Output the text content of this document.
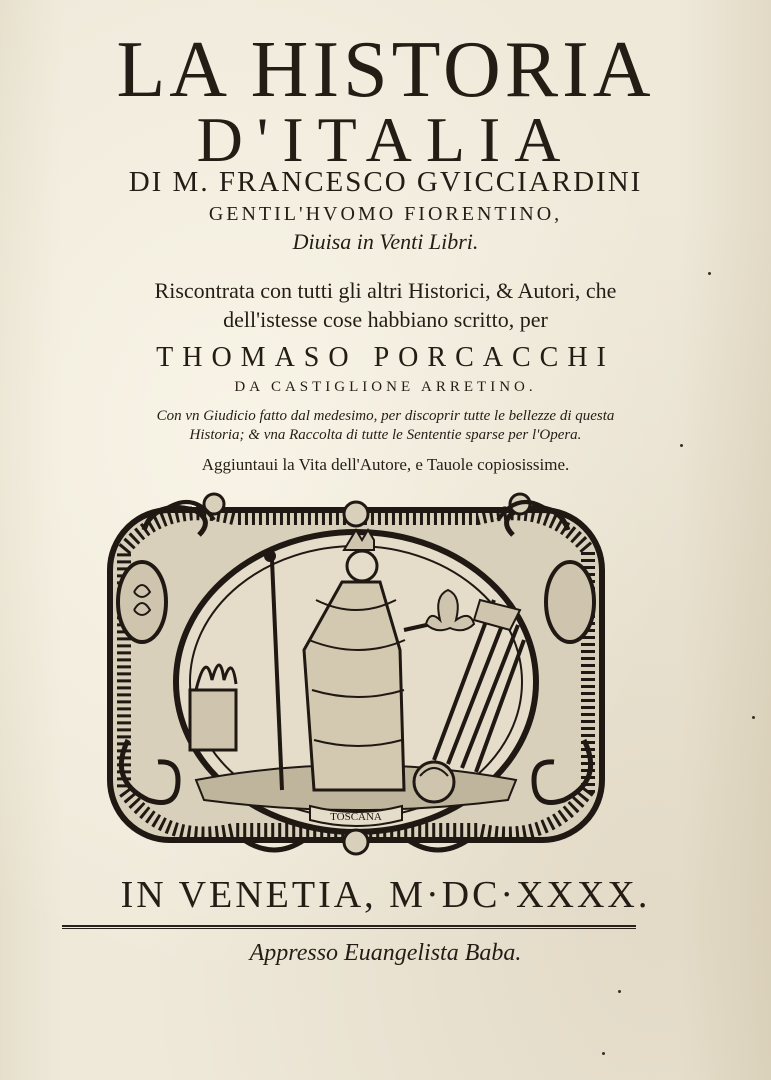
LA HISTORIA
D'ITALIA
DI M. FRANCESCO GVICCIARDINI
GENTIL'HVOMO FIORENTINO,
Diuisa in Venti Libri.
Riscontrata con tutti gli altri Historici, & Autori, che
dell'istesse cose habbiano scritto, per
THOMASO PORCACCHI
DA CASTIGLIONE ARRETINO.
Con vn Giudicio fatto dal medesimo, per discoprir tutte le bellezze di questa
Historia; & vna Raccolta di tutte le Sententie sparse per l'Opera.
Aggiuntaui la Vita dell'Autore, e Tauole copiosissime.
TOSCANA
IN VENETIA, M·DC·XXXX.
Appresso Euangelista Baba.
